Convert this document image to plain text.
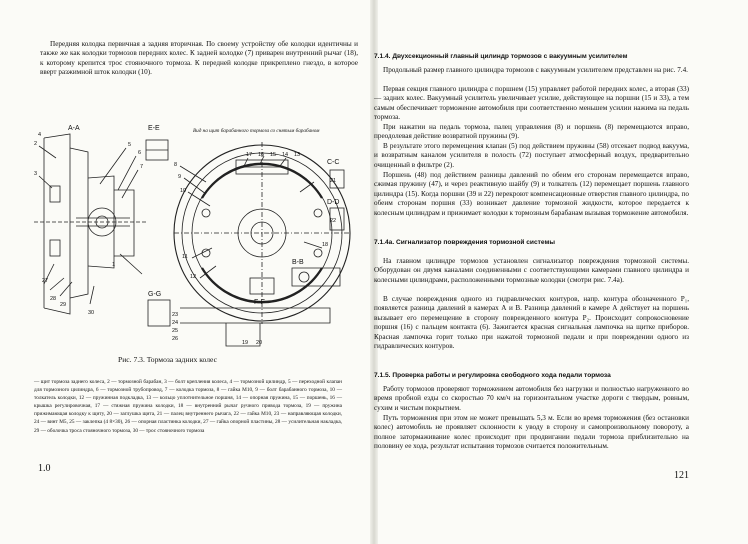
Передняя колодка первичная а задняя вторичная. По своему устройству обе колодки идентичны и также же как колодки тормозов передних колес. К задней колодке (7) приварен внутренний рычаг (18), к которому крепится трос стояночного тормоза. К передней колодке прикреплено гнездо, в которое вверт разжимной шток колодки (10).

А-А	Е-Е
С-С
D-D
В-В
G-G
F-F
Вид на щит барабанного тормоза со снятым барабаном
1
2
3
4
5
6
7	8
9
10
11
12
13
14
15
16
17
18
19 20
21
22
23
24
25
26
27
28
29
30

Рис. 7.3. Тормоза задних колес

— щит тормоза заднего колеса, 2 — тормозной барабан, 3 — болт крепления колеса, 4 — тормозной цилиндр, 5 — переходной клапан для тормозного цилиндра, 6 — тормозной трубопровод, 7 — колодка тормоза, 8 — гайка М10, 9 — болт барабанного тормоза, 10 — толкатель колодки, 12 — пружинная подкладка, 13 — кольцо уплотнительное поршня, 14 — опорная пружина, 15 — поршень, 16 — крышка регулировочная, 17 — стяжная пружина колодки, 18 — внутренний рычаг ручного привода тормоза, 19 — пружина прижимающая колодку к щиту, 20 — заглушка щита, 21 — палец внутреннего рычага, 22 — гайка М10, 23 — направляющая колодки, 24 — винт М5, 25 — заклепка (4 8×30), 26 — опорная пластинка колодки, 27 — гайка опорной пластины, 28 — усилительная накладка, 29 — оболочка троса стояночного тормоза, 30 — трос стояночного тормоза

1.0

7.1.4. Двухсекционный главный цилиндр тормозов с вакуумным усилителем

Продольный размер главного цилиндра тормозов с вакуумным усилителем представлен на рис. 7.4.

Первая секция главного цилиндра с поршнем (15) управляет работой передних колес, а вторая (33) — задних колес. Вакуумный усилитель увеличивает усилие, действующее на поршни (15 и 33), а тем самым обеспечивает торможение автомобиля при соответственно меньшем усилии нажима на педаль тормоза.

При нажатии на педаль тормоза, палец управления (8) и поршень (8) перемещаются вправо, преодолевая действие возвратной пружины (9).

В результате этого перемещения клапан (5) под действием пружины (58) отсекает подвод вакуума, и возвратным каналом усилителя в полость (72) поступает атмосферный воздух, предварительно очищенный в фильтре (2).

Поршень (48) под действием разницы давлений по обеим его сторонам перемещается вправо, сжимая пружину (47), и через реактивную шайбу (9) и толкатель (12) перемещает поршень главного цилиндра (15). Когда поршни (39 и 22) перекроют компенсационные отверстия главного цилиндра, по обеим сторонам поршня (33) возникает давление тормозной жидкости, которое передается к колесным цилиндрам и прижимает колодки к тормозным барабанам вызывая торможение автомобиля.

7.1.4а. Сигнализатор повреждения тормозной системы

На главном цилиндре тормозов установлен сигнализатор повреждения тормозной системы. Оборудован он двумя каналами соединенными с соответствующими камерами главного цилиндра и колесными цилиндрами, расположенными тормозные колодки (смотри рис. 7.4а).

В случае повреждения одного из гидравлических контуров, напр. контура обозначенного P₁, появляется разница давлений в камерах А и В. Разница давлений в камере А действует на поршень вызывает его перемещение в сторону поврежденного контура P₂. Происходит сопрокосновение поршня (16) с пальцем контакта (6). Зажигается красная сигнальная лампочка на щитке приборов. Красная лампочка горит только при нажатой тормозной педали и при повреждении одного из гидравлических контуров.

7.1.5. Проверка работы и регулировка свободного хода педали тормоза

Работу тормозов проверяют торможением автомобиля без нагрузки и полностью нагруженного во время пробной езды со скоростью 70 км/ч на горизонтальном участке дороги с твердым, ровным, сухим и чистым покрытием.

Путь торможения при этом не может превышать 5,3 м. Если во время торможения (без остановки колес) автомобиль не проявляет склонности к уводу в сторону и самопроизвольному повороту, а полное затормаживание колес происходит при продвигании педали тормоза приблизительно на половину ее хода, результат испытания тормозов считается положительным.

121
